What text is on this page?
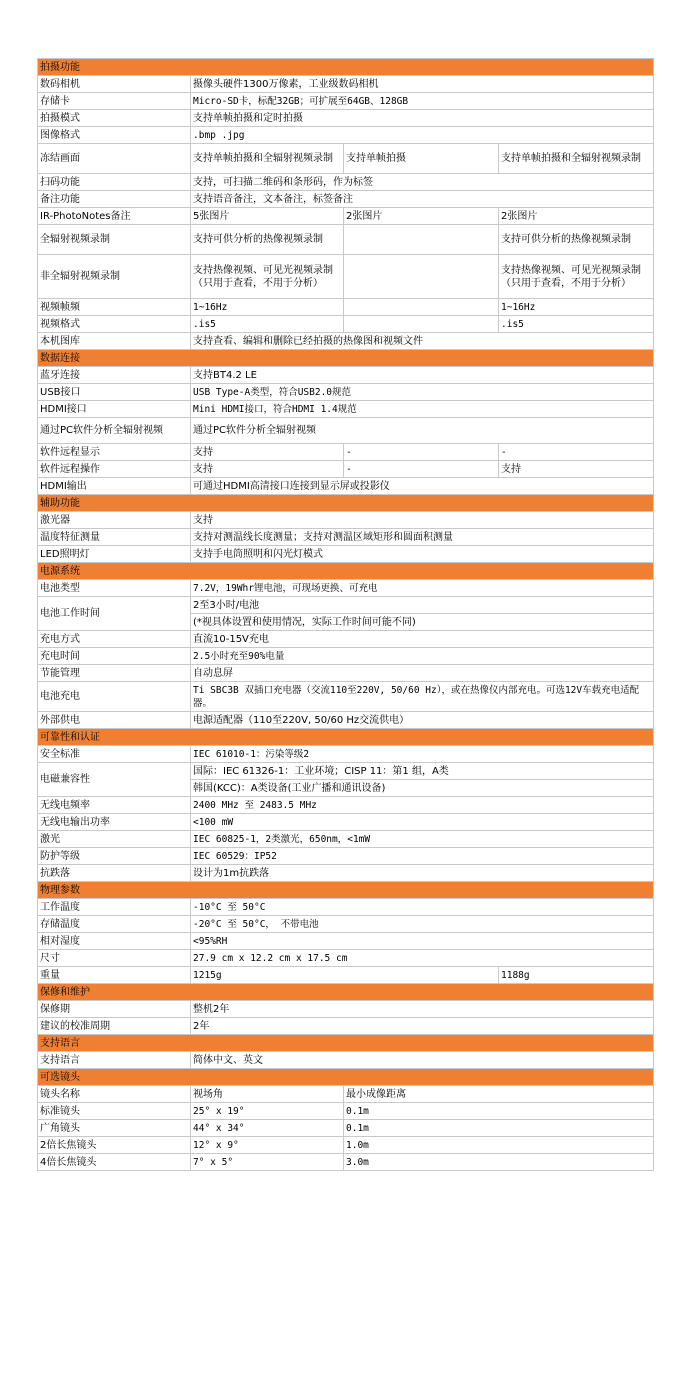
拍摄功能			
数码相机	摄像头硬件1300万像素，工业级数码相机		

存储卡	Micro-SD卡，标配32GB；可扩展至64GB、128GB		

拍摄模式	支持单帧拍摄和定时拍摄		

图像格式	.bmp .jpg		

冻结画面	支持单帧拍摄和全辐射视频录制	支持单帧拍摄	支持单帧拍摄和全辐射视频录制

扫码功能	支持，可扫描二维码和条形码，作为标签		

备注功能	支持语音备注，文本备注，标签备注		

IR-PhotoNotes备注	5张图片	2张图片	2张图片

全辐射视频录制	支持可供分析的热像视频录制		支持可供分析的热像视频录制

非全辐射视频录制	支持热像视频、可见光视频录制（只用于查看，不用于分析）		支持热像视频、可见光视频录制（只用于查看，不用于分析）

视频帧频	1~16Hz		1~16Hz

视频格式	.is5		.is5

本机图库	支持查看、编辑和删除已经拍摄的热像图和视频文件		

数据连接			
蓝牙连接	支持BT4.2 LE		

USB接口	USB Type-A类型，符合USB2.0规范		

HDMI接口	Mini HDMI接口，符合HDMI 1.4规范		

通过PC软件分析全辐射视频	通过PC软件分析全辐射视频		

软件远程显示	支持	-	-

软件远程操作	支持	-	支持

HDMI输出	可通过HDMI高清接口连接到显示屏或投影仪		

辅助功能			
激光器	支持		

温度特征测量	支持对测温线长度测量；支持对测温区域矩形和圆面积测量		

LED照明灯	支持手电筒照明和闪光灯模式		

电源系统			
电池类型	7.2V，19Whr锂电池，可现场更换、可充电		

电池工作时间	2至3小时/电池
(*视具体设置和使用情况，实际工作时间可能不同)		

充电方式	直流10-15V充电		

充电时间	2.5小时充至90%电量		

节能管理	自动息屏		

电池充电	Ti SBC3B 双插口充电器（交流110至220V, 50/60 Hz），或在热像仪内部充电。可选12V车载充电适配器。		

外部供电	电源适配器（110至220V, 50/60 Hz交流供电）		

可靠性和认证			
安全标准	IEC 61010-1：污染等级2		

电磁兼容性	国际：IEC 61326-1：工业环境；CISP 11：第1 组，A类
韩国(KCC)：A类设备(工业广播和通讯设备)		

无线电频率	2400 MHz 至 2483.5 MHz		

无线电输出功率	<100 mW		

激光	IEC 60825-1，2类激光，650nm，<1mW		

防护等级	IEC 60529：IP52		

抗跌落	设计为1m抗跌落		

物理参数			
工作温度	-10°C 至 50°C		

存储温度	-20°C 至 50°C， 不带电池		

相对湿度	<95%RH		

尺寸	27.9 cm x 12.2 cm x 17.5 cm		

重量	1215g		1188g

保修和维护			
保修期	整机2年		

建议的校准周期	2年		

支持语言			
支持语言	简体中文、英文		

可选镜头			
镜头名称	视场角	最小成像距离	

标准镜头	25° x 19°	0.1m	

广角镜头	44° x 34°	0.1m	

2倍长焦镜头	12° x 9°	1.0m	

4倍长焦镜头	7° x 5°	3.0m	
